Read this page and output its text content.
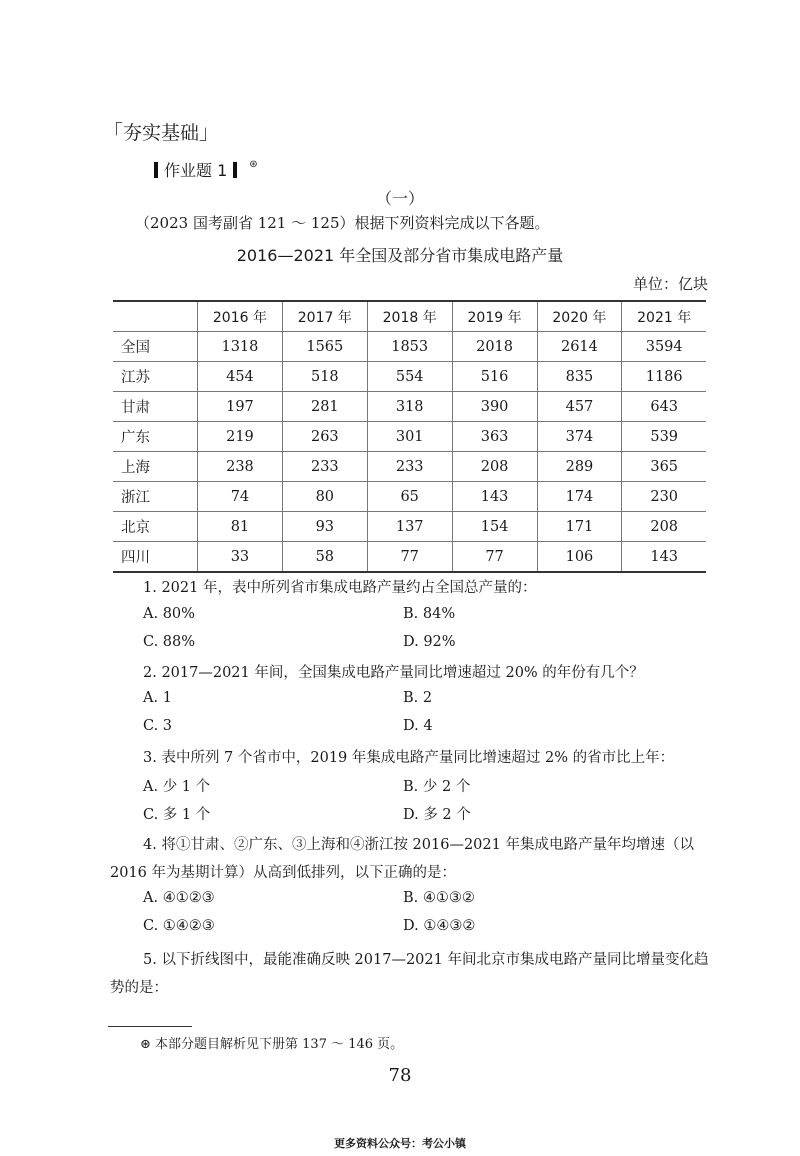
「夯实基础」
作业题 1 ⊛
（一）
（2023 国考副省 121 ～ 125）根据下列资料完成以下各题。
2016—2021 年全国及部分省市集成电路产量
单位：亿块
	2016 年	2017 年	2018 年	2019 年	2020 年	2021 年
全国	1318	1565	1853	2018	2614	3594
江苏	454	518	554	516	835	1186
甘肃	197	281	318	390	457	643
广东	219	263	301	363	374	539
上海	238	233	233	208	289	365
浙江	74	80	65	143	174	230
北京	81	93	137	154	171	208
四川	33	58	77	77	106	143
1. 2021 年，表中所列省市集成电路产量约占全国总产量的：
A. 80%	B. 84%
C. 88%	D. 92%
2. 2017—2021 年间，全国集成电路产量同比增速超过 20% 的年份有几个？
A. 1	B. 2
C. 3	D. 4
3. 表中所列 7 个省市中，2019 年集成电路产量同比增速超过 2% 的省市比上年：
A. 少 1 个	B. 少 2 个
C. 多 1 个	D. 多 2 个
4. 将①甘肃、②广东、③上海和④浙江按 2016—2021 年集成电路产量年均增速（以 2016 年为基期计算）从高到低排列，以下正确的是：
A. ④①②③	B. ④①③②
C. ①④②③	D. ①④③②
5. 以下折线图中，最能准确反映 2017—2021 年间北京市集成电路产量同比增量变化趋势的是：
⊛ 本部分题目解析见下册第 137 ～ 146 页。
78
更多资料公众号：考公小镇
